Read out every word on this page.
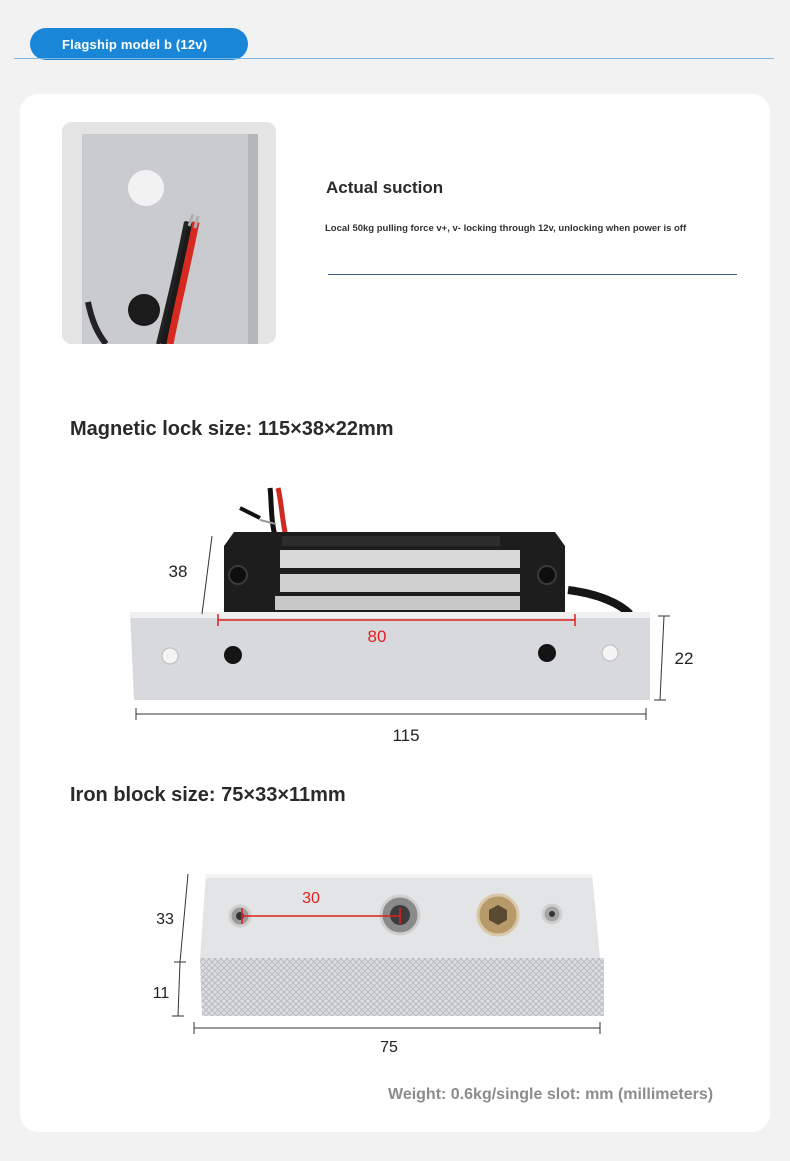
Flagship model b (12v)
Actual suction
Local 50kg pulling force v+, v- locking through 12v, unlocking when power is off
Magnetic lock size: 115×38×22mm
80
38
22
115
Iron block size: 75×33×11mm
30
33
11
75
Weight: 0.6kg/single slot: mm (millimeters)
